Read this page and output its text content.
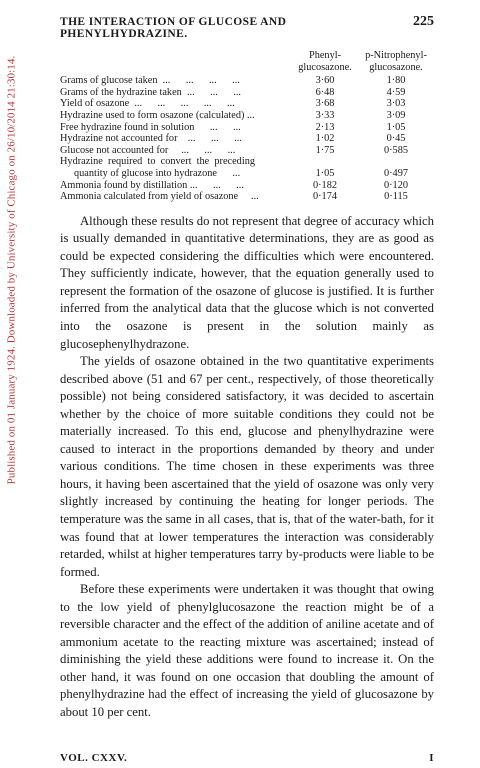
Published on 01 January 1924. Downloaded by University of Chicago on 26/10/2014 21:30:14.
THE INTERACTION OF GLUCOSE AND PHENYLHYDRAZINE.
225
Phenyl-
glucosazone.
p-Nitrophenyl-
glucosazone.
Grams of glucose taken  ...      ...      ...      ...	3·60	1·80
Grams of the hydrazine taken  ...      ...      ...	6·48	4·59
Yield of osazone  ...      ...      ...      ...      ...	3·68	3·03
Hydrazine used to form osazone (calculated) ...	3·33	3·09
Free hydrazine found in solution      ...      ...	2·13	1·05
Hydrazine not accounted for    ...      ...      ...	1·02	0·45
Glucose not accounted for     ...      ...      ...	1·75	0·585
Hydrazine  required  to  convert  the  preceding
quantity of glucose into hydrazone      ...	1·05	0·497
Ammonia found by distillation ...      ...      ...	0·182	0·120
Ammonia calculated from yield of osazone     ...	0·174	0·115

Although these results do not represent that degree of accuracy which is usually demanded in quantitative determinations, they are as good as could be expected considering the difficulties which were encountered. They sufficiently indicate, however, that the equation generally used to represent the formation of the osazone of glucose is justified. It is further inferred from the analytical data that the glucose which is not converted into the osazone is present in the solution mainly as glucosephenylhydrazone.

The yields of osazone obtained in the two quantitative experiments described above (51 and 67 per cent., respectively, of those theoretically possible) not being considered satisfactory, it was decided to ascertain whether by the choice of more suitable conditions they could not be materially increased. To this end, glucose and phenylhydrazine were caused to interact in the proportions demanded by theory and under various conditions. The time chosen in these experiments was three hours, it having been ascertained that the yield of osazone was only very slightly increased by continuing the heating for longer periods. The temperature was the same in all cases, that is, that of the water-bath, for it was found that at lower temperatures the interaction was considerably retarded, whilst at higher temperatures tarry by-products were liable to be formed.

Before these experiments were undertaken it was thought that owing to the low yield of phenylglucosazone the reaction might be of a reversible character and the effect of the addition of aniline acetate and of ammonium acetate to the reacting mixture was ascertained; instead of diminishing the yield these additions were found to increase it. On the other hand, it was found on one occasion that doubling the amount of phenylhydrazine had the effect of increasing the yield of glucosazone by about 10 per cent.

VOL. CXXV.	I
